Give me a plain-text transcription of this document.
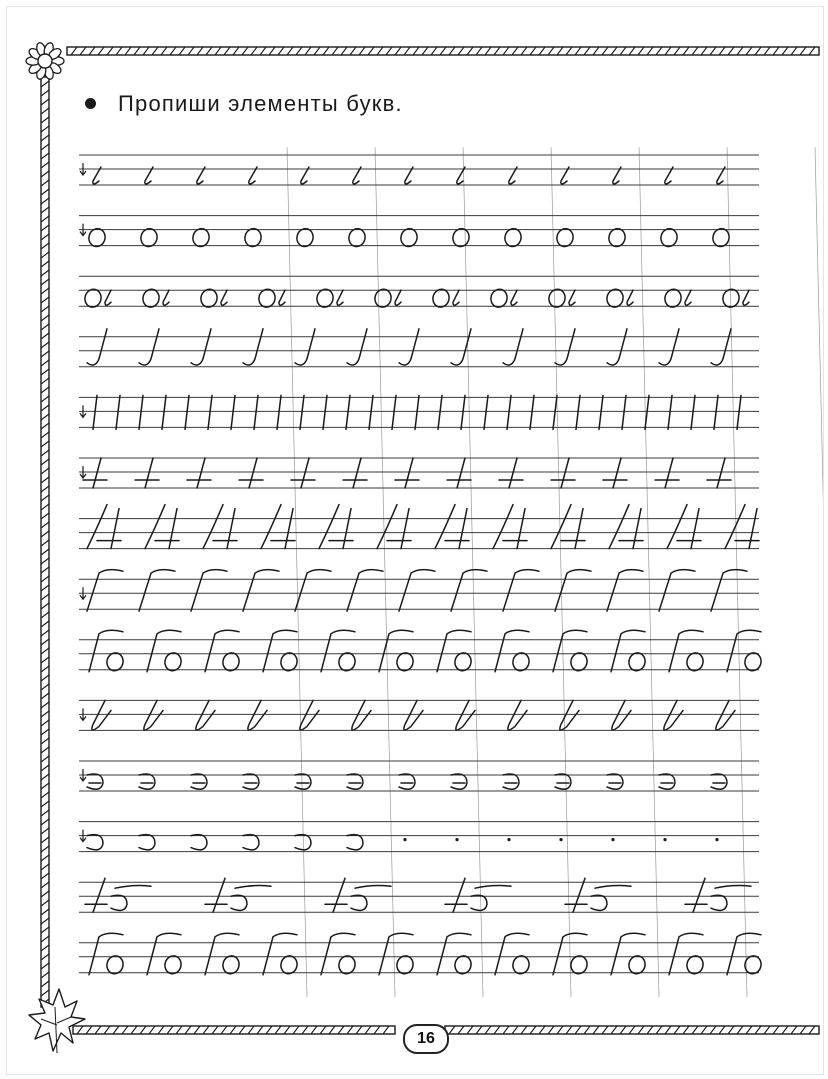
Пропиши элементы букв.
16
